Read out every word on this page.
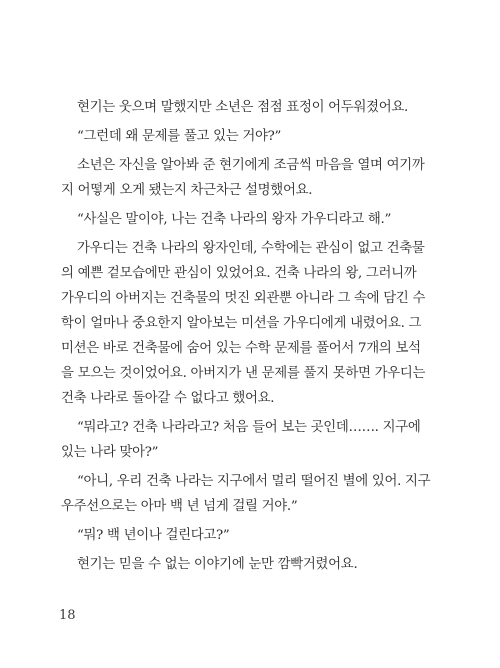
현기는 웃으며 말했지만 소년은 점점 표정이 어두워졌어요.
“그런데 왜 문제를 풀고 있는 거야?”
소년은 자신을 알아봐 준 현기에게 조금씩 마음을 열며 여기까
지 어떻게 오게 됐는지 차근차근 설명했어요.
“사실은 말이야, 나는 건축 나라의 왕자 가우디라고 해.”
가우디는 건축 나라의 왕자인데, 수학에는 관심이 없고 건축물
의 예쁜 겉모습에만 관심이 있었어요. 건축 나라의 왕, 그러니까
가우디의 아버지는 건축물의 멋진 외관뿐 아니라 그 속에 담긴 수
학이 얼마나 중요한지 알아보는 미션을 가우디에게 내렸어요. 그
미션은 바로 건축물에 숨어 있는 수학 문제를 풀어서 7개의 보석
을 모으는 것이었어요. 아버지가 낸 문제를 풀지 못하면 가우디는
건축 나라로 돌아갈 수 없다고 했어요.
“뭐라고? 건축 나라라고? 처음 들어 보는 곳인데……. 지구에
있는 나라 맞아?”
“아니, 우리 건축 나라는 지구에서 멀리 떨어진 별에 있어. 지구
우주선으로는 아마 백 년 넘게 걸릴 거야.”
“뭐? 백 년이나 걸린다고?”
현기는 믿을 수 없는 이야기에 눈만 깜빡거렸어요.
18
